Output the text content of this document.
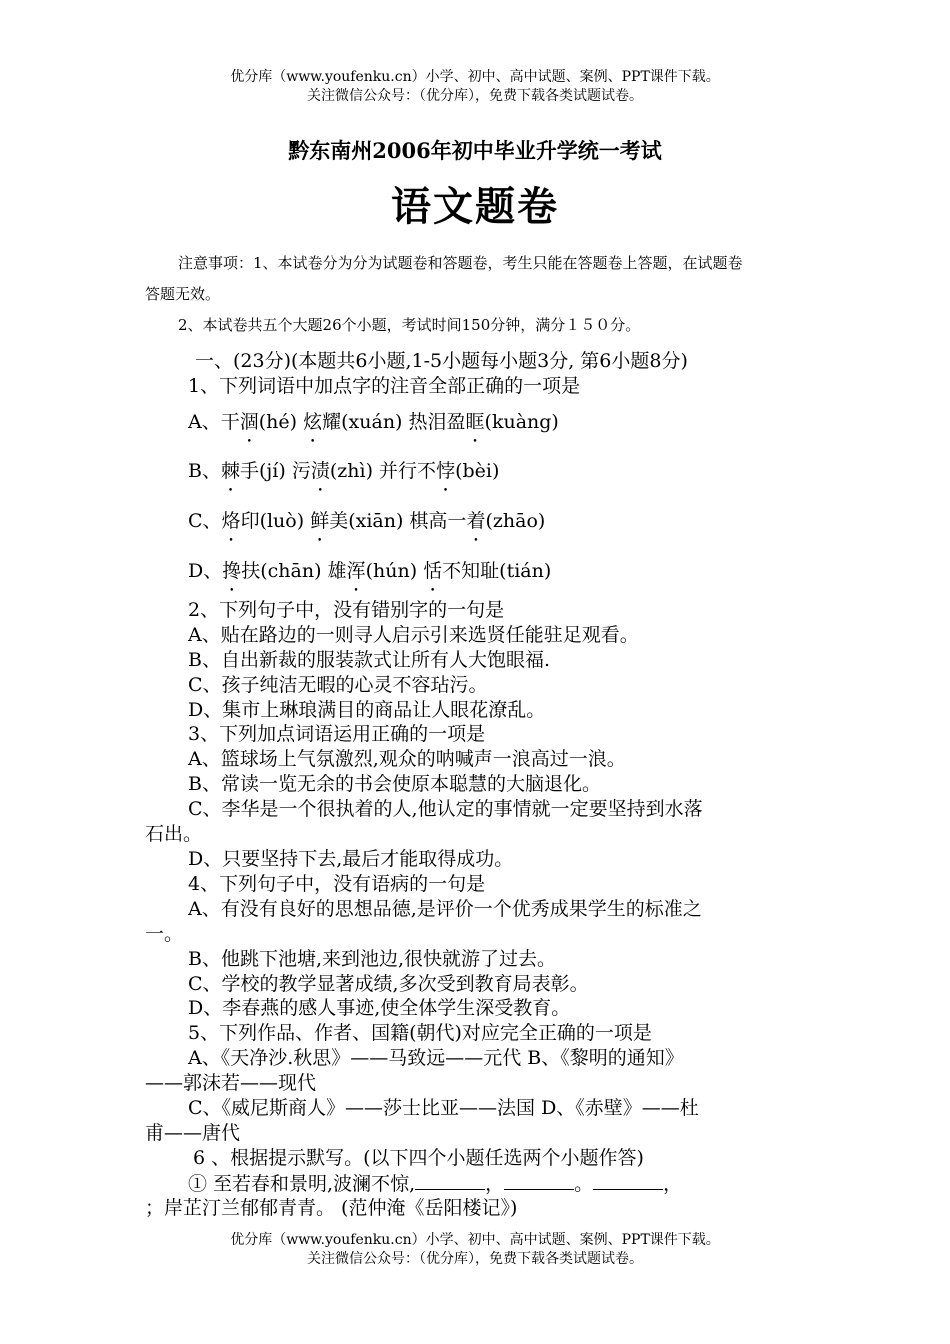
优分库（www.youfenku.cn）小学、初中、高中试题、案例、PPT课件下载。
关注微信公众号：（优分库），免费下载各类试题试卷。
黔东南州2006年初中毕业升学统一考试
语文题卷
注意事项：1、本试卷分为分为试题卷和答题卷，考生只能在答题卷上答题，在试题卷
答题无效。
2、本试卷共五个大题26个小题，考试时间150分钟，满分１５０分。
一、(23分)(本题共6小题,1-5小题每小题3分, 第6小题8分)
1、下列词语中加点字的注音全部正确的一项是
A、干涸(hé) 炫耀(xuán) 热泪盈眶(kuàng)
B、棘手(jí) 污渍(zhì) 并行不悖(bèi)
C、烙印(luò) 鲜美(xiān) 棋高一着(zhāo)
D、搀扶(chān) 雄浑(hún) 恬不知耻(tián)
2、下列句子中，没有错别字的一句是
A、贴在路边的一则寻人启示引来选贤任能驻足观看。
B、自出新裁的服装款式让所有人大饱眼福.
C、孩子纯洁无暇的心灵不容玷污。
D、集市上琳琅满目的商品让人眼花潦乱。
3、下列加点词语运用正确的一项是
A、篮球场上气氛激烈,观众的呐喊声一浪高过一浪。
B、常读一览无余的书会使原本聪慧的大脑退化。
C、李华是一个很执着的人,他认定的事情就一定要坚持到水落
石出。
D、只要坚持下去,最后才能取得成功。
4、下列句子中，没有语病的一句是
A、有没有良好的思想品德,是评价一个优秀成果学生的标准之
一。
B、他跳下池塘,来到池边,很快就游了过去。
C、学校的教学显著成绩,多次受到教育局表彰。
D、李春燕的感人事迹,使全体学生深受教育。
5、下列作品、作者、国籍(朝代)对应完全正确的一项是
A、《天净沙.秋思》——马致远——元代 B、《黎明的通知》
——郭沫若——现代
C、《威尼斯商人》——莎士比亚——法国 D、《赤壁》——杜
甫——唐代
6 、根据提示默写。(以下四个小题任选两个小题作答)
① 至若春和景明,波澜不惊,	，	。	，
；岸芷汀兰郁郁青青。 (范仲淹《岳阳楼记》)
优分库（www.youfenku.cn）小学、初中、高中试题、案例、PPT课件下载。
关注微信公众号：（优分库），免费下载各类试题试卷。
